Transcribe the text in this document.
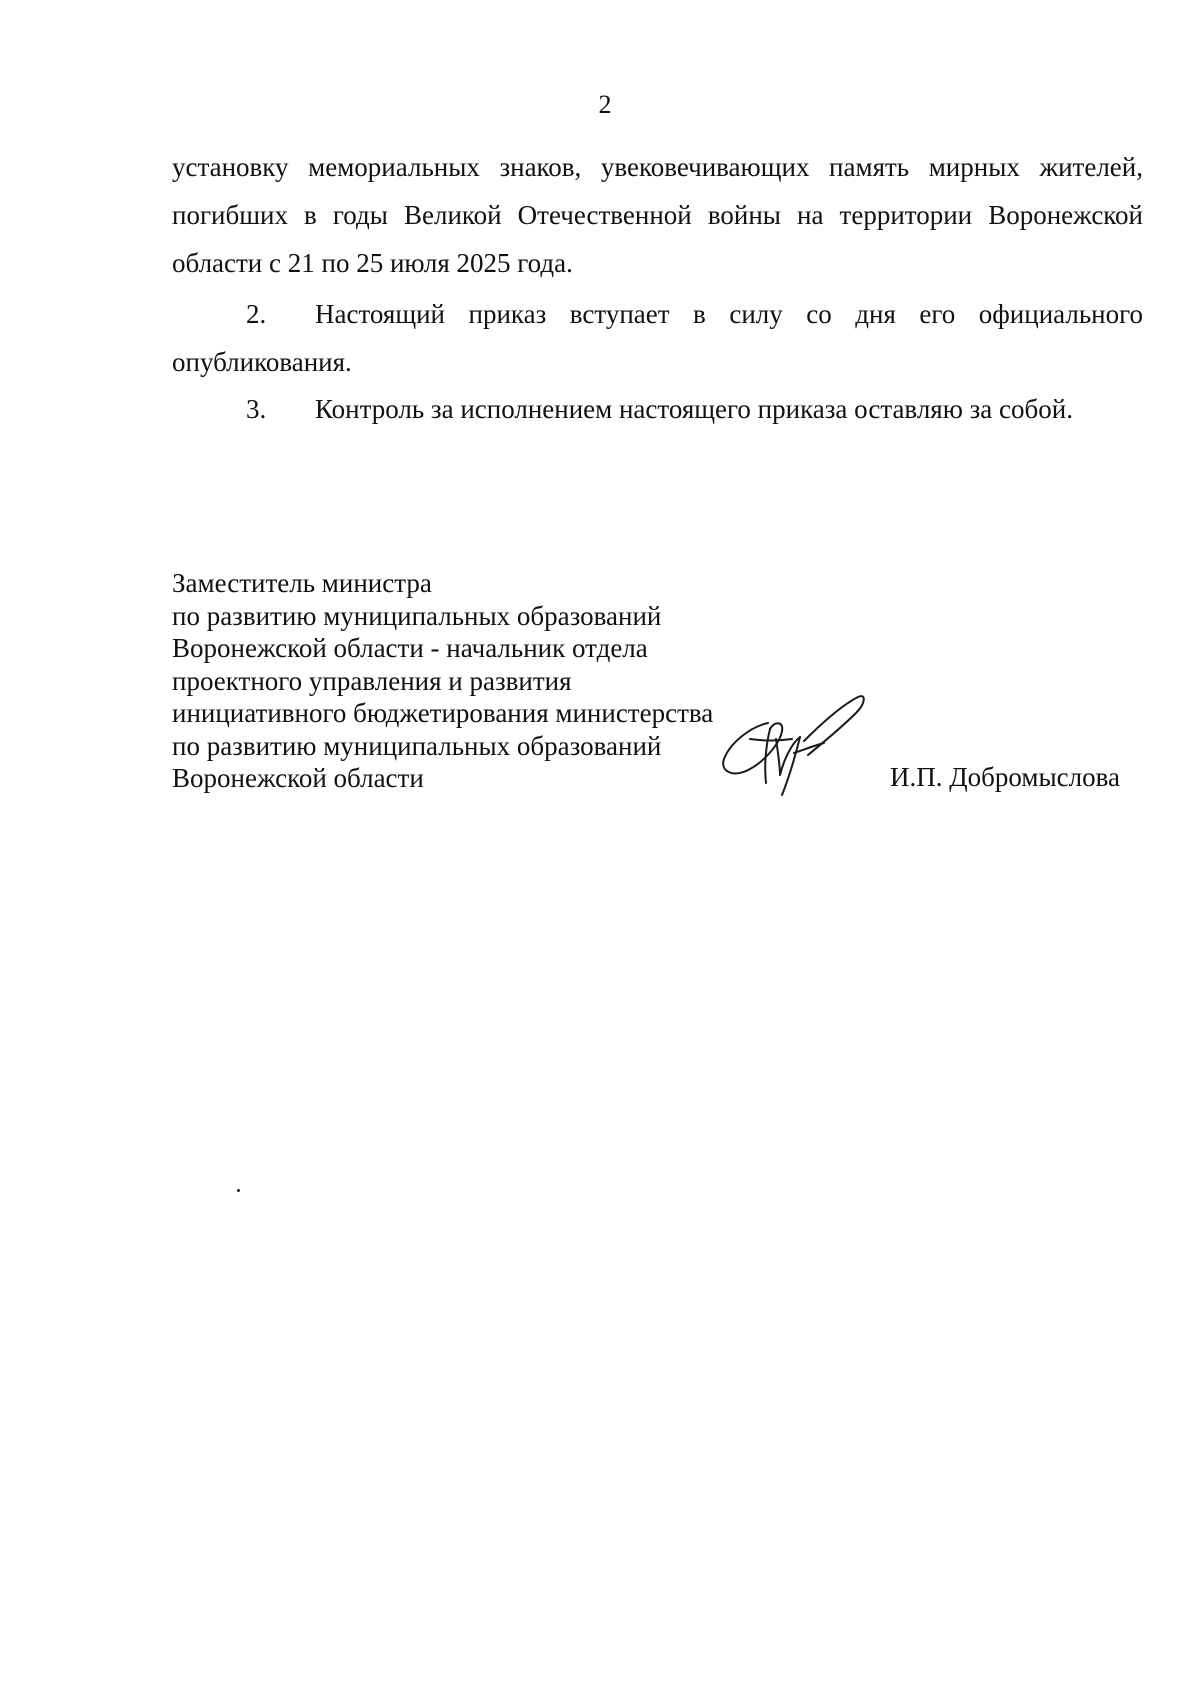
2
установку мемориальных знаков, увековечивающих память мирных жителей,
погибших в годы Великой Отечественной войны на территории Воронежской
области с 21 по 25 июля 2025 года.
2.	Настоящий приказ вступает в силу со дня его официального
опубликования.
3.	Контроль за исполнением настоящего приказа оставляю за собой.
Заместитель министра
по развитию муниципальных образований
Воронежской области - начальник отдела
проектного управления и развития
инициативного бюджетирования министерства
по развитию муниципальных образований
Воронежской области	И.П. Добромыслова
